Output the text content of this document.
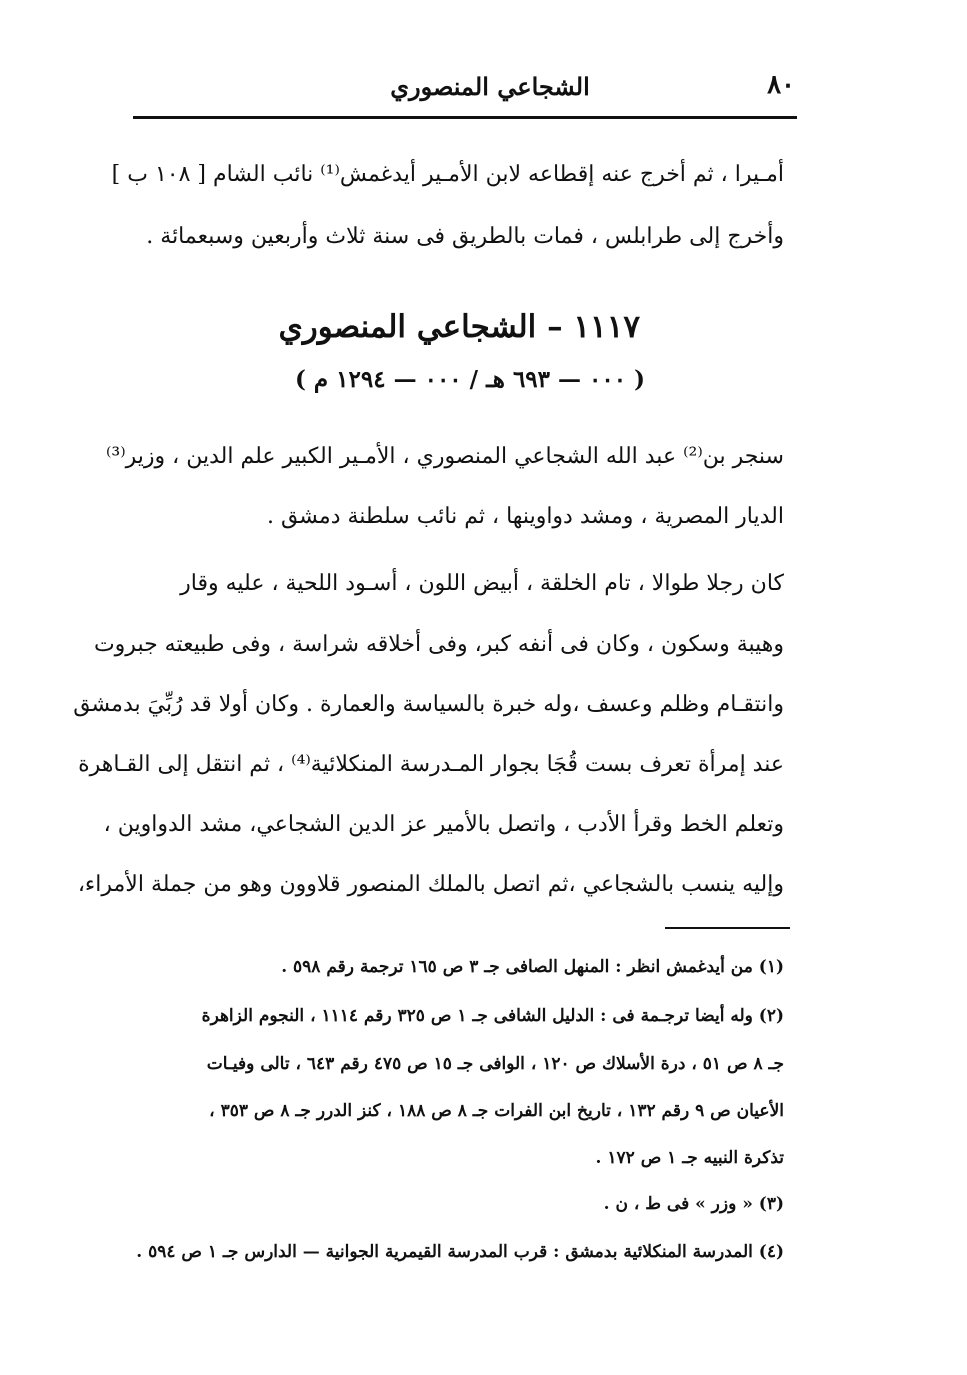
٨٠
الشجاعي المنصوري
أمـيرا ، ثم أخرج عنه إقطاعه لابن الأمـير أيدغمش⁽¹⁾ نائب الشام [ ١٠٨ ب ]
وأخرج إلى طرابلس ، فمات بالطريق فى سنة ثلاث وأربعين وسبعمائة .
١١١٧ – الشجاعي المنصوري
( ٠٠٠ — ٦٩٣ هـ / ٠٠٠ — ١٢٩٤ م )
سنجر بن⁽²⁾ عبد الله الشجاعي المنصوري ، الأمـير الكبير علم الدين ، وزير⁽³⁾
الديار المصرية ، ومشد دواوينها ، ثم نائب سلطنة دمشق .
كان رجلا طوالا ، تام الخلقة ، أبيض اللون ، أسـود اللحية ، عليه وقار
وهيبة وسكون ، وكان فى أنفه كبر، وفى أخلاقه شراسة ، وفى طبيعته جبروت
وانتقـام وظلم وعسف ،وله خبرة بالسياسة والعمارة . وكان أولا قد رُبِّيَ بدمشق
عند إمرأة تعرف بست قُجَا بجوار المـدرسة المنكلائية⁽⁴⁾ ، ثم انتقل إلى القـاهرة
وتعلم الخط وقرأ الأدب ، واتصل بالأمير عز الدين الشجاعي، مشد الدواوين ،
وإليه ينسب بالشجاعي ،ثم اتصل بالملك المنصور قلاوون وهو من جملة الأمراء،
(١) من أيدغمش انظر : المنهل الصافى جـ ٣ ص ١٦٥ ترجمة رقم ٥٩٨ .
(٢) وله أيضا ترجـمة فى : الدليل الشافى جـ ١ ص ٣٢٥ رقم ١١١٤ ، النجوم الزاهرة
جـ ٨ ص ٥١ ، درة الأسلاك ص ١٢٠ ، الوافى جـ ١٥ ص ٤٧٥ رقم ٦٤٣ ، تالى وفيـات
الأعيان ص ٩ رقم ١٣٢ ، تاريخ ابن الفرات جـ ٨ ص ١٨٨ ، كنز الدرر جـ ٨ ص ٣٥٣ ،
تذكرة النبيه جـ ١ ص ١٧٢ .
(٣) « وزر » فى ط ، ن .
(٤) المدرسة المنكلائية بدمشق : قرب المدرسة القيمرية الجوانية — الدارس جـ ١ ص ٥٩٤ .
